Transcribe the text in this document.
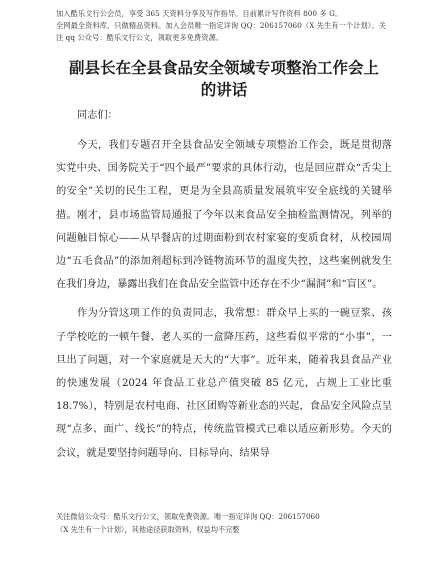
加入酷乐文行公会员，享受 365 天资料分享及写作指导。目前累计写作资料 800 多 G。

全网最全资料库，只做精品资料。加入会员唯一指定详询 QQ：206157060（X 先生有一个计划）。关注 qq 公众号：酷乐文行公文，领取更多免费资源。

副县长在全县食品安全领域专项整治工作会上
的讲话

同志们：

今天，我们专题召开全县食品安全领域专项整治工作会，既是贯彻落实党中央、国务院关于“四个最严”要求的具体行动，也是回应群众“舌尖上的安全”关切的民生工程，更是为全县高质量发展筑牢安全底线的关键举措。刚才，县市场监管局通报了今年以来食品安全抽检监测情况，列举的问题触目惊心——从早餐店的过期面粉到农村家宴的变质食材，从校园周边“五毛食品”的添加剂超标到冷链物流环节的温度失控，这些案例就发生在我们身边，暴露出我们在食品安全监管中还存在不少“漏洞”和“盲区”。

作为分管这项工作的负责同志，我常想：群众早上买的一碗豆浆、孩子学校吃的一顿午餐、老人买的一盒降压药，这些看似平常的“小事”，一旦出了问题，对一个家庭就是天大的“大事”。近年来，随着我县食品产业的快速发展（2024 年食品工业总产值突破 85 亿元，占规上工业比重 18.7%），特别是农村电商、社区团购等新业态的兴起，食品安全风险点呈现“点多、面广、线长”的特点，传统监管模式已难以适应新形势。今天的会议，就是要坚持问题导向、目标导向、结果导

关注微信公众号：酷乐文行公文，领取免费资源。唯一指定详询 QQ：206157060
（X 先生有一个计划），其他途径获取资料，权益均不完整
